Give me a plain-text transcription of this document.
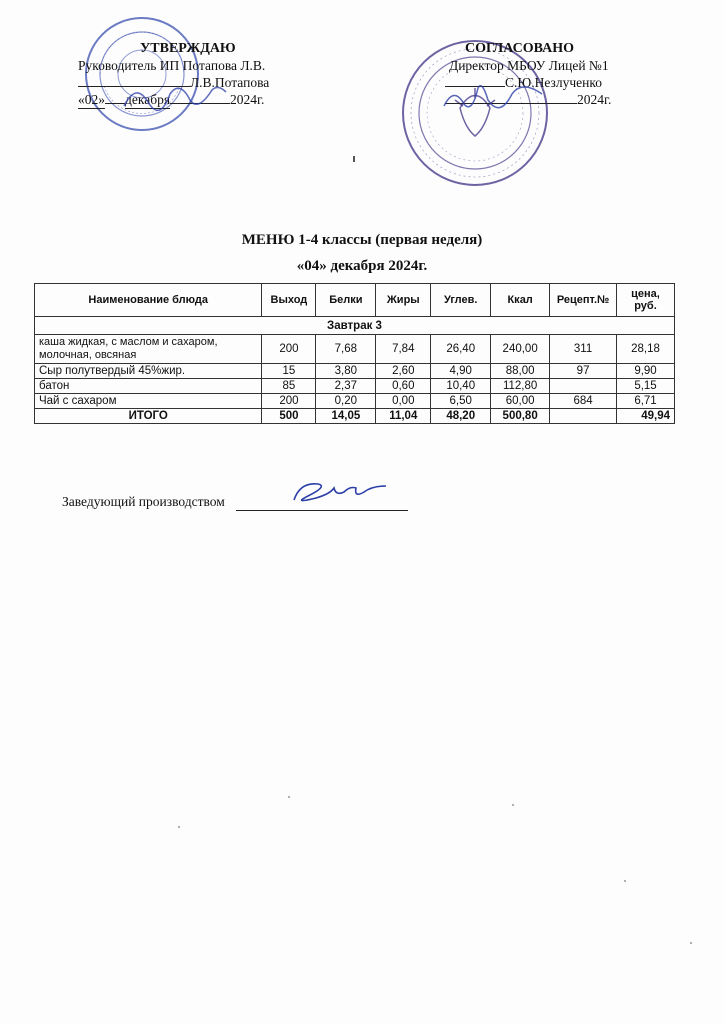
УТВЕРЖДАЮ
Руководитель ИП Потапова Л.В.
Л.В.Потапова
«02» декабря	2024г.
СОГЛАСОВАНО
Директор МБОУ Лицей №1
С.Ю.Незлученко
2024г.
МЕНЮ 1-4 классы (первая неделя)
«04» декабря 2024г.
Наименование блюда	Выход	Белки	Жиры	Углев.	Ккал	Рецепт.№	цена, руб.
Завтрак 3							
каша жидкая, с маслом и сахаром, молочная, овсяная	200	7,68	7,84	26,40	240,00	311	28,18
Сыр полутвердый 45%жир.	15	3,80	2,60	4,90	88,00	97	9,90
батон	85	2,37	0,60	10,40	112,80		5,15
Чай с сахаром	200	0,20	0,00	6,50	60,00	684	6,71
ИТОГО	500	14,05	11,04	48,20	500,80		49,94
Заведующий производством
